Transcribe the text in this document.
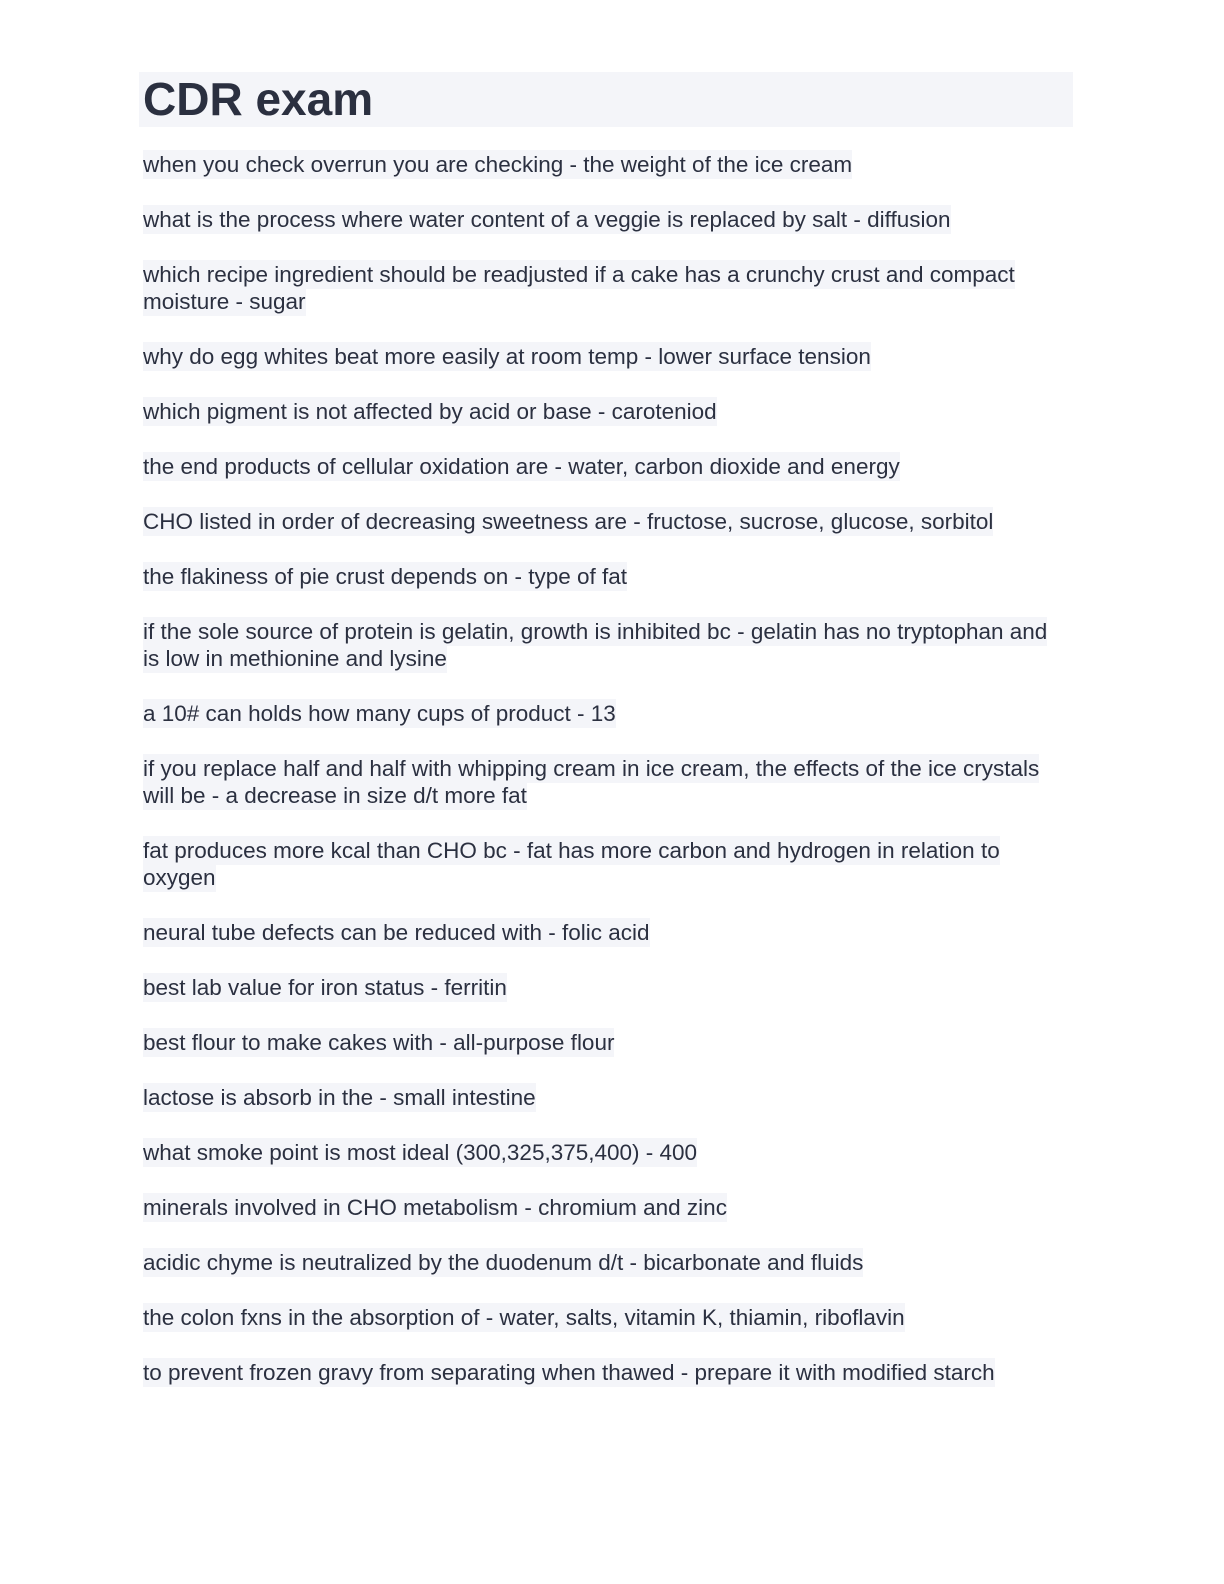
CDR exam
when you check overrun you are checking - the weight of the ice cream
what is the process where water content of a veggie is replaced by salt - diffusion
which recipe ingredient should be readjusted if a cake has a crunchy crust and compact moisture - sugar
why do egg whites beat more easily at room temp - lower surface tension
which pigment is not affected by acid or base - caroteniod
the end products of cellular oxidation are - water, carbon dioxide and energy
CHO listed in order of decreasing sweetness are - fructose, sucrose, glucose, sorbitol
the flakiness of pie crust depends on - type of fat
if the sole source of protein is gelatin, growth is inhibited bc - gelatin has no tryptophan and is low in methionine and lysine
a 10# can holds how many cups of product - 13
if you replace half and half with whipping cream in ice cream, the effects of the ice crystals will be - a decrease in size d/t more fat
fat produces more kcal than CHO bc - fat has more carbon and hydrogen in relation to oxygen
neural tube defects can be reduced with - folic acid
best lab value for iron status - ferritin
best flour to make cakes with - all-purpose flour
lactose is absorb in the - small intestine
what smoke point is most ideal (300,325,375,400) - 400
minerals involved in CHO metabolism - chromium and zinc
acidic chyme is neutralized by the duodenum d/t - bicarbonate and fluids
the colon fxns in the absorption of - water, salts, vitamin K, thiamin, riboflavin
to prevent frozen gravy from separating when thawed - prepare it with modified starch
